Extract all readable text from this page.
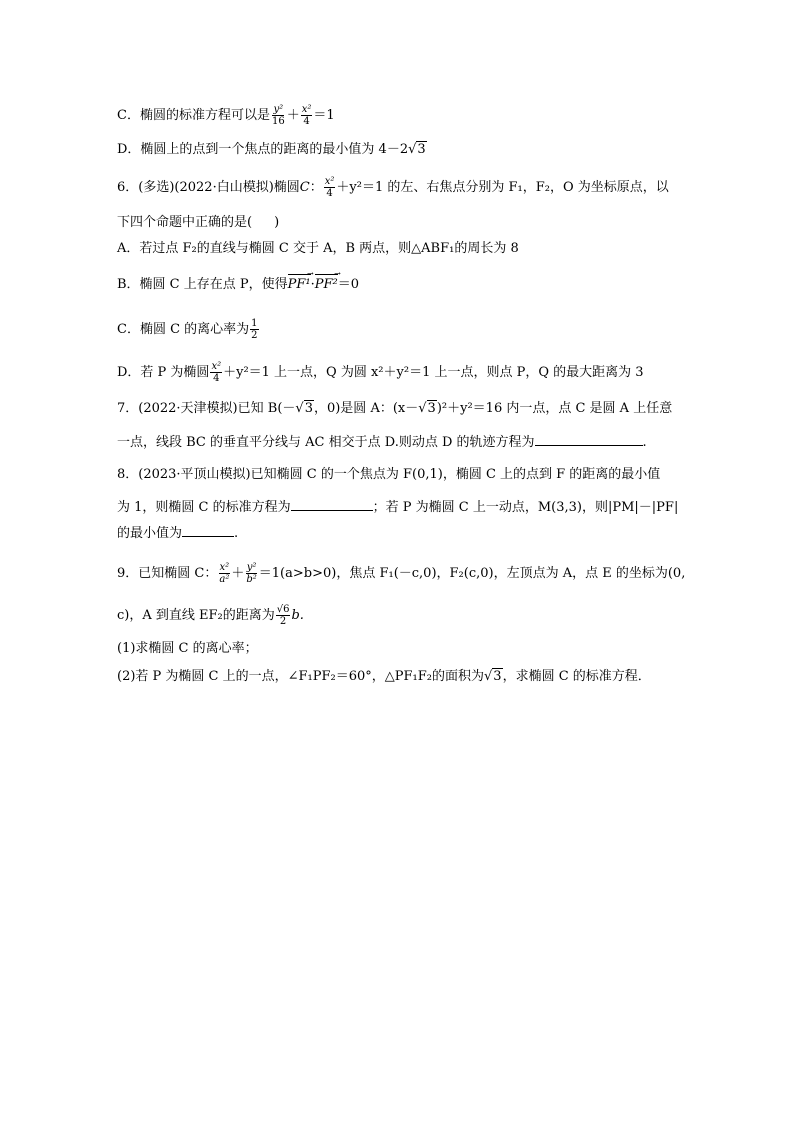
C．椭圆的标准方程可以是 $\frac{\text{y²}}{16} + \frac{\text{x²}}{4} =1$
D．椭圆上的点到一个焦点的距离的最小值为 4－2√3
6．(多选)(2022·白山模拟)椭圆C： $\frac{\text{x²}}{4} +y^2=1$ 的左、右焦点分别为 F₁，F₂，O 为坐标原点，以
下四个命题中正确的是( )
A．若过点 F₂的直线与椭圆 C 交于 A，B 两点，则△ABF₁的周长为 8
B．椭圆 C 上存在点 P，使得PF¹ →·PF² →＝0
C．椭圆 C 的离心率为 $\frac{1}{2}$
D．若 P 为椭圆 $\frac{\text{x²}}{4} +y^2=1$ 上一点，Q 为圆 x²＋y²＝1 上一点，则点 P，Q 的最大距离为 3
7．(2022·天津模拟)已知 B(－√3，0)是圆 A：(x－√3)²＋y²＝16 内一点，点 C 是圆 A 上任意
一点，线段 BC 的垂直平分线与 AC 相交于点 D.则动点 D 的轨迹方程为	.
8．(2023·平顶山模拟)已知椭圆 C 的一个焦点为 F(0,1)，椭圆 C 上的点到 F 的距离的最小值
为 1，则椭圆 C 的标准方程为	；若 P 为椭圆 C 上一动点，M(3,3)，则|PM|－|PF|
的最小值为	.
9．已知椭圆 C： $\frac{\text{x²}}{\text{a²}} + \frac{\text{y²}}{\text{b²}} =1(a>b>0)$，焦点 F₁(－c,0)，F₂(c,0)，左顶点为 A，点 E 的坐标为(0,
c)，A 到直线 EF₂的距离为 $\frac{√6}{2} b$.
(1)求椭圆 C 的离心率；
(2)若 P 为椭圆 C 上的一点，∠F₁PF₂＝60°，△PF₁F₂的面积为√3，求椭圆 C 的标准方程．
